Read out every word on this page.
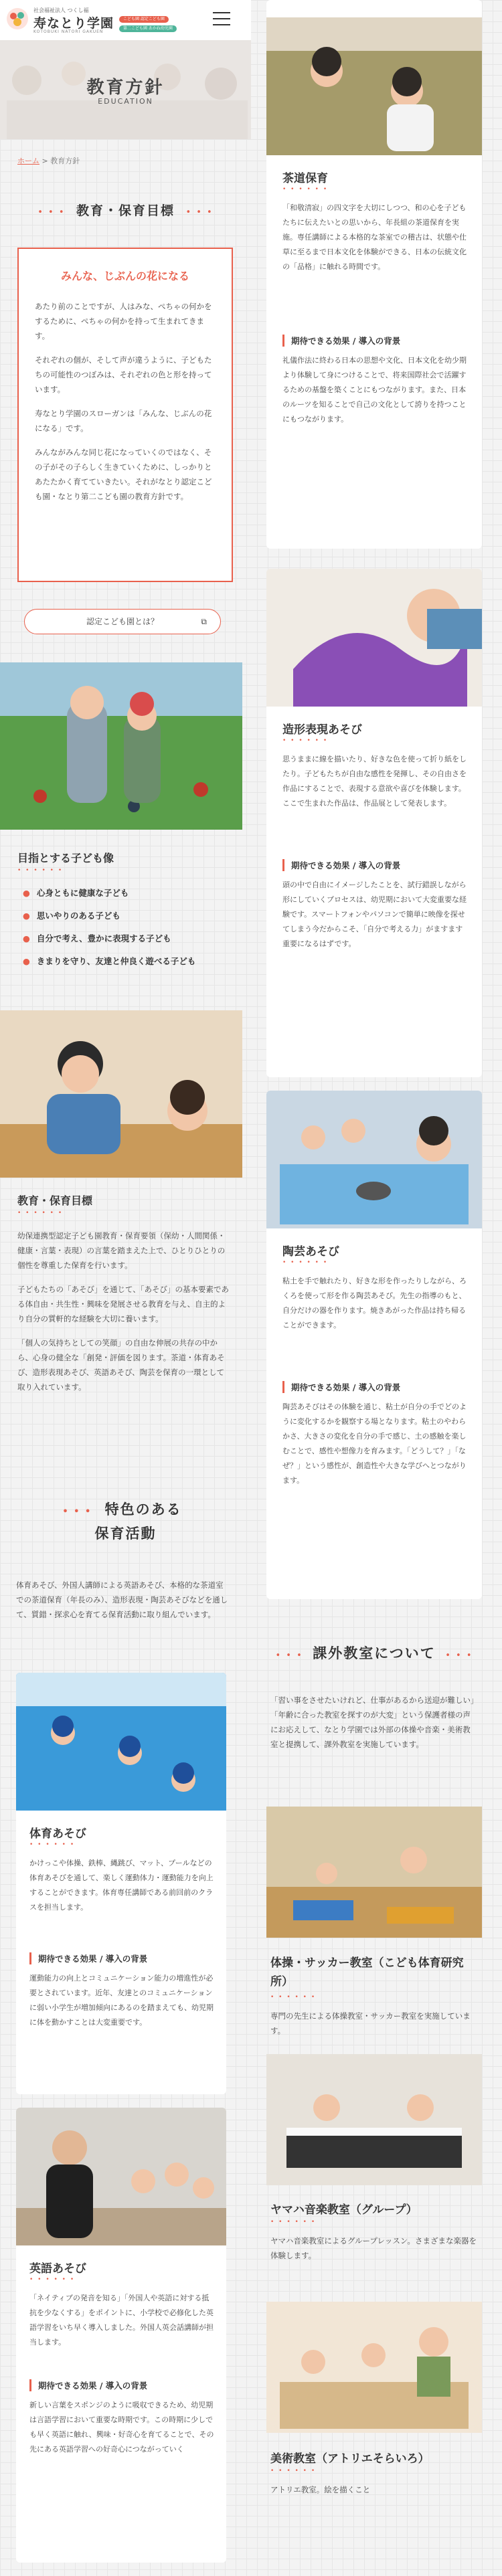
社会福祉法人 つくし福
寿なとり学園
KOTOBUKI NATORI GAKUEN
こども園 認定こども園
第二こども園 あかね幼児園
教育方針
EDUCATION
ホーム > 教育方針
• • • 教育・保育目標 • • •
みんな、じぶんの花になる

あたり前のことですが、人はみな、ぺちゃの何かをするために、ぺちゃの何かを持って生まれてきます。

それぞれの個が、そして声が違うように、子どもたちの可能性のつぼみは、それぞれの色と形を持っています。

寿なとり学園のスローガンは「みんな、じぶんの花になる」です。

みんながみんな同じ花になっていくのではなく、その子がその子らしく生きていくために、しっかりとあたたかく育てていきたい。それがなとり認定こども園・なとり第二こども園の教育方針です。

認定こども園とは？	⧉
目指とする子ども像
• • • • • •
● 心身ともに健康な子ども
● 思いやりのある子ども
● 自分で考え、豊かに表現する子ども
● きまりを守り、友達と仲良く遊べる子ども
教育・保育目標
• • • • • •

幼保連携型認定子ども園教育・保育要領（保幼・人間関係・健康・言葉・表現）の言葉を踏まえた上で、ひとりひとりの個性を尊重した保育を行います。

子どもたちの「あそび」を通じて、「あそび」の基本要素である体自由・共生性・興味を発展させる教育を与え、自主的より自分の質軒的な経験を大切に養います。

「個人の気持ちとしての笑顔」の自由な伸展の共存の中から、心身の健全な「創発・評価を図ります。茶道・体育あそび、造形表現あそび、英語あそび、陶芸を保育の一環として取り入れています。

• • • 特色のある
保育活動
体育あそび、外国人講師による英語あそび、本格的な茶道室での茶道保育（年長のみ）、造形表現・陶芸あそびなどを通して、質錯・探求心を育てる保育活動に取り組んでいます。
体育あそび
• • • • • •
かけっこや体操、鉄棒、縄跳び、マット、プールなどの体育あそびを通して、楽しく運動体力・運動能力を向上することができます。体育専任講師である前回前のクラスを担当します。
期待できる効果 / 導入の背景
運動能力の向上とコミュニケーション能力の増進性が必要とされています。近年、友達とのコミュニケーションに弱い小学生が増加傾向にあるのを踏まえても、幼児期に体を動かすことは大変重要です。
英語あそび
• • • • • •
「ネイティブの発音を知る」「外国人や英語に対する抵抗を少なくする」をポイントに、小学校で必修化した英語学習をいち早く導入しました。外国人英会話講師が担当します。
期待できる効果 / 導入の背景
新しい言葉をスポンジのように吸収できるため、幼児期は言語学習において重要な時期です。この時期に少しでも早く英語に触れ、興味・好奇心を育てることで、その先にある英語学習への好奇心につながっていく
茶道保育
• • • • • •
「和敬清寂」の四文字を大切にしつつ、和の心を子どもたちに伝えたいとの思いから、年長組の茶道保育を実施。専任講師による本格的な茶室での稽古は、状態や仕草に至るまで日本文化を体験ができる、日本の伝統文化の「品格」に触れる時間です。
期待できる効果 / 導入の背景
礼儀作法に終わる日本の思想や文化、日本文化を幼少期より体験して身につけることで、将来国際社会で活躍するための基盤を築くことにもつながります。また、日本のルーツを知ることで自己の文化として誇りを持つことにもつながります。
造形表現あそび
• • • • • •
思うままに線を描いたり、好きな色を使って折り紙をしたり。子どもたちが自由な感性を発揮し、その自由さを作品にすることで、表現する意欲や喜びを体験します。ここで生まれた作品は、作品展として発表します。
期待できる効果 / 導入の背景
頭の中で自由にイメージしたことを、試行錯誤しながら形にしていくプロセスは、幼児期において大変重要な経験です。スマートフォンやパソコンで簡単に映像を探せてしまう今だからこそ、「自分で考える力」がますます重要になるはずです。
陶芸あそび
• • • • • •
粘土を手で触れたり、好きな形を作ったりしながら、ろくろを使って形を作る陶芸あそび。先生の指導のもと、自分だけの器を作ります。焼きあがった作品は持ち帰ることができます。
期待できる効果 / 導入の背景
陶芸あそびはその体験を通じ、粘土が自分の手でどのように変化するかを観察する場となります。粘土のやわらかさ、大きさの変化を自分の手で感じ、土の感触を楽しむことで、感性や想像力を育みます。「どうして？」「なぜ？」という感性が、創造性や大きな学びへとつながります。
• • • 課外教室について • • •
「習い事をさせたいけれど、仕事があるから送迎が難しい」「年齢に合った教室を探すのが大変」という保護者様の声にお応えして、なとり学園では外部の体操や音楽・美術教室と提携して、課外教室を実施しています。
体操・サッカー教室（こども体育研究所）
• • • • • •
専門の先生による体操教室・サッカー教室を実施しています。
ヤマハ音楽教室（グループ）
• • • • • •
ヤマハ音楽教室によるグループレッスン。さまざまな楽器を体験します。
美術教室（アトリエそらいろ）
• • • • • •
アトリエ教室。絵を描くこと
